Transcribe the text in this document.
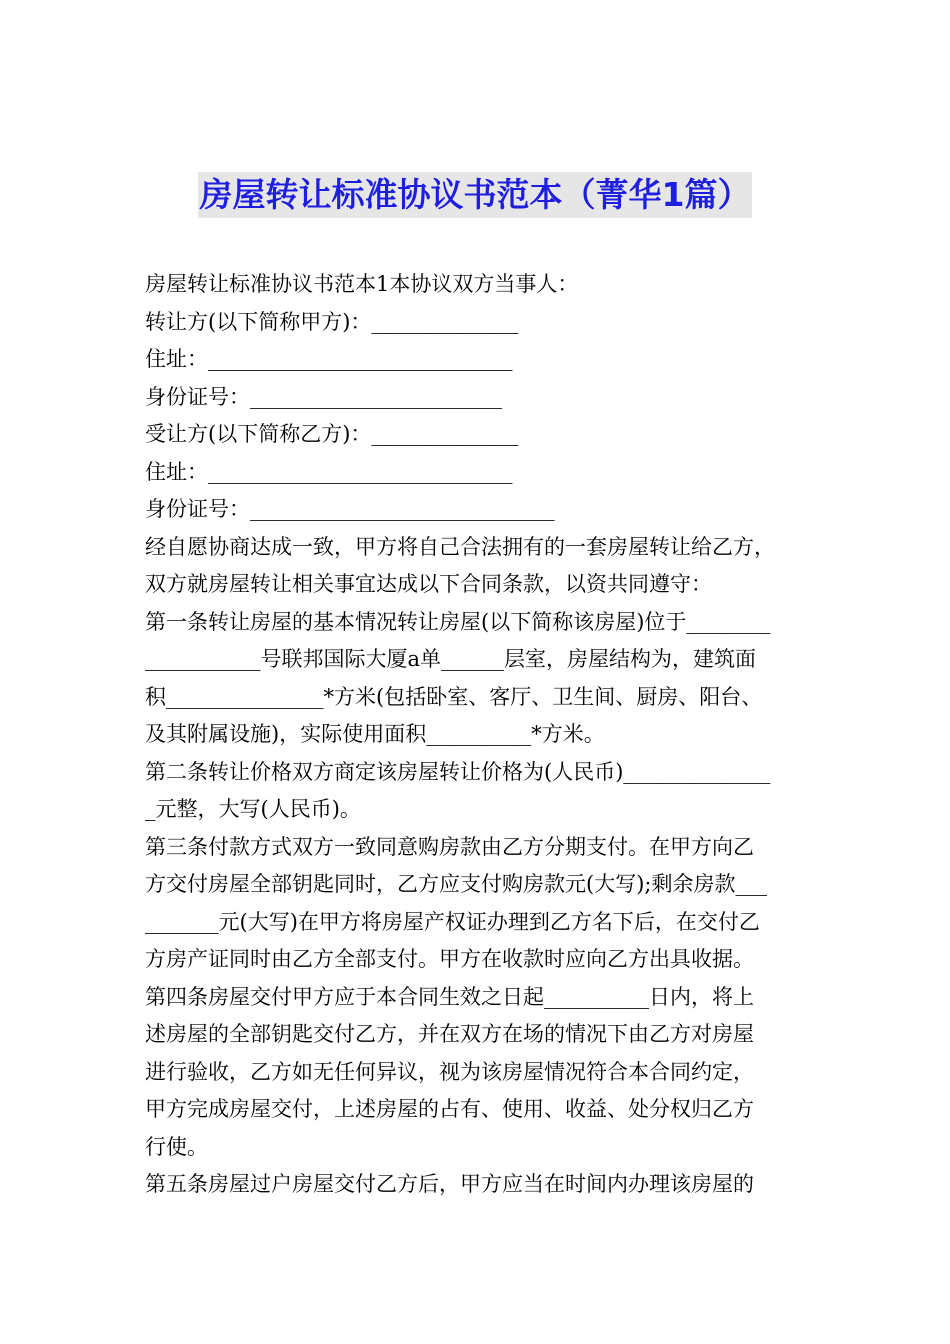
房屋转让标准协议书范本（菁华1篇）
房屋转让标准协议书范本1本协议双方当事人：
转让方(以下简称甲方)：______________
住址：_____________________________
身份证号：________________________
受让方(以下简称乙方)：______________
住址：_____________________________
身份证号：_____________________________
经自愿协商达成一致，甲方将自己合法拥有的一套房屋转让给乙方，
双方就房屋转让相关事宜达成以下合同条款，以资共同遵守：
第一条转让房屋的基本情况转让房屋(以下简称该房屋)位于________
___________号联邦国际大厦a单______层室，房屋结构为，建筑面
积_______________*方米(包括卧室、客厅、卫生间、厨房、阳台、
及其附属设施)，实际使用面积__________*方米。
第二条转让价格双方商定该房屋转让价格为(人民币)______________
_元整，大写(人民币)。
第三条付款方式双方一致同意购房款由乙方分期支付。在甲方向乙
方交付房屋全部钥匙同时，乙方应支付购房款元(大写);剩余房款___
_______元(大写)在甲方将房屋产权证办理到乙方名下后，在交付乙
方房产证同时由乙方全部支付。甲方在收款时应向乙方出具收据。
第四条房屋交付甲方应于本合同生效之日起__________日内，将上
述房屋的全部钥匙交付乙方，并在双方在场的情况下由乙方对房屋
进行验收，乙方如无任何异议，视为该房屋情况符合本合同约定，
甲方完成房屋交付，上述房屋的占有、使用、收益、处分权归乙方
行使。
第五条房屋过户房屋交付乙方后，甲方应当在时间内办理该房屋的
